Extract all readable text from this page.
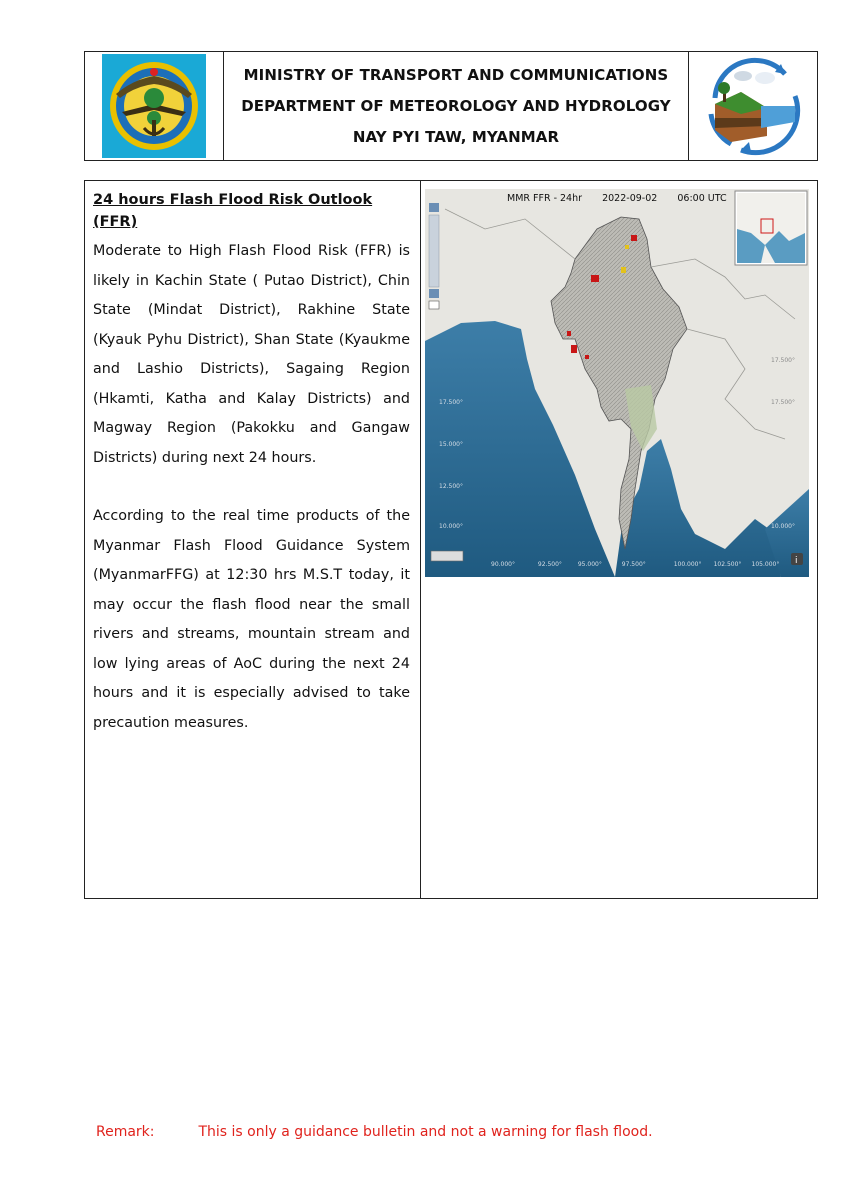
MINISTRY OF TRANSPORT AND COMMUNICATIONS
DEPARTMENT OF METEOROLOGY AND HYDROLOGY
NAY PYI TAW, MYANMAR
24 hours Flash Flood Risk Outlook (FFR)

Moderate to High Flash Flood Risk (FFR) is likely in Kachin State ( Putao District), Chin State (Mindat District), Rakhine State (Kyauk Pyhu District), Shan State (Kyaukme and Lashio Districts), Sagaing Region (Hkamti, Katha and Kalay Districts) and Magway Region (Pakokku and Gangaw Districts) during next 24 hours.

According to the real time products of the Myanmar Flash Flood Guidance System (MyanmarFFG) at 12:30 hrs M.S.T today, it may occur the flash flood near the small rivers and streams, mountain stream and low lying areas of AoC during the next 24 hours and it is especially advised to take precaution measures.

i
MMR FFR - 24hr 2022-09-02 06:00 UTC
17.500°
15.000°
12.500°
10.000°
17.500°
17.500°
10.000°
90.000°	92.500°	95.000°	97.500°	100.000° 102.500° 105.000°
Remark:	This is only a guidance bulletin and not a warning for flash flood.
